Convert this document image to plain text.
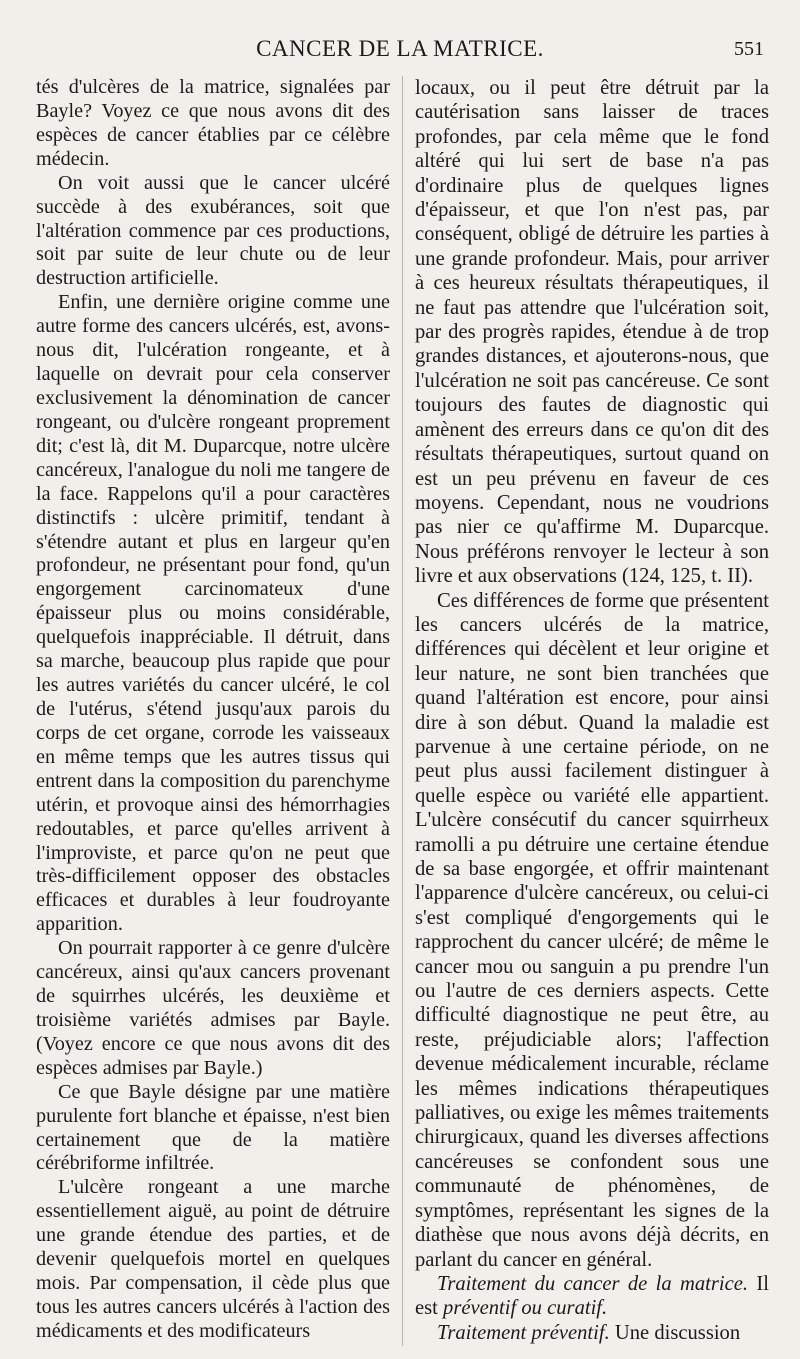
CANCER DE LA MATRICE.	551

tés d'ulcères de la matrice, signalées par Bayle? Voyez ce que nous avons dit des espèces de cancer établies par ce célèbre médecin.

On voit aussi que le cancer ulcéré succède à des exubérances, soit que l'altération commence par ces productions, soit par suite de leur chute ou de leur destruction artificielle.

Enfin, une dernière origine comme une autre forme des cancers ulcérés, est, avons-nous dit, l'ulcération rongeante, et à laquelle on devrait pour cela conserver exclusivement la dénomination de cancer rongeant, ou d'ulcère rongeant proprement dit; c'est là, dit M. Duparcque, notre ulcère cancéreux, l'analogue du noli me tangere de la face. Rappelons qu'il a pour caractères distinctifs : ulcère primitif, tendant à s'étendre autant et plus en largeur qu'en profondeur, ne présentant pour fond, qu'un engorgement carcinomateux d'une épaisseur plus ou moins considérable, quelquefois inappréciable. Il détruit, dans sa marche, beaucoup plus rapide que pour les autres variétés du cancer ulcéré, le col de l'utérus, s'étend jusqu'aux parois du corps de cet organe, corrode les vaisseaux en même temps que les autres tissus qui entrent dans la composition du parenchyme utérin, et provoque ainsi des hémorrhagies redoutables, et parce qu'elles arrivent à l'improviste, et parce qu'on ne peut que très-difficilement opposer des obstacles efficaces et durables à leur foudroyante apparition.

On pourrait rapporter à ce genre d'ulcère cancéreux, ainsi qu'aux cancers provenant de squirrhes ulcérés, les deuxième et troisième variétés admises par Bayle. (Voyez encore ce que nous avons dit des espèces admises par Bayle.)

Ce que Bayle désigne par une matière purulente fort blanche et épaisse, n'est bien certainement que de la matière cérébriforme infiltrée.

L'ulcère rongeant a une marche essentiellement aiguë, au point de détruire une grande étendue des parties, et de devenir quelquefois mortel en quelques mois. Par compensation, il cède plus que tous les autres cancers ulcérés à l'action des médicaments et des modificateurs

locaux, ou il peut être détruit par la cautérisation sans laisser de traces profondes, par cela même que le fond altéré qui lui sert de base n'a pas d'ordinaire plus de quelques lignes d'épaisseur, et que l'on n'est pas, par conséquent, obligé de détruire les parties à une grande profondeur. Mais, pour arriver à ces heureux résultats thérapeutiques, il ne faut pas attendre que l'ulcération soit, par des progrès rapides, étendue à de trop grandes distances, et ajouterons-nous, que l'ulcération ne soit pas cancéreuse. Ce sont toujours des fautes de diagnostic qui amènent des erreurs dans ce qu'on dit des résultats thérapeutiques, surtout quand on est un peu prévenu en faveur de ces moyens. Cependant, nous ne voudrions pas nier ce qu'affirme M. Duparcque. Nous préférons renvoyer le lecteur à son livre et aux observations (124, 125, t. II).

Ces différences de forme que présentent les cancers ulcérés de la matrice, différences qui décèlent et leur origine et leur nature, ne sont bien tranchées que quand l'altération est encore, pour ainsi dire à son début. Quand la maladie est parvenue à une certaine période, on ne peut plus aussi facilement distinguer à quelle espèce ou variété elle appartient. L'ulcère consécutif du cancer squirrheux ramolli a pu détruire une certaine étendue de sa base engorgée, et offrir maintenant l'apparence d'ulcère cancéreux, ou celui-ci s'est compliqué d'engorgements qui le rapprochent du cancer ulcéré; de même le cancer mou ou sanguin a pu prendre l'un ou l'autre de ces derniers aspects. Cette difficulté diagnostique ne peut être, au reste, préjudiciable alors; l'affection devenue médicalement incurable, réclame les mêmes indications thérapeutiques palliatives, ou exige les mêmes traitements chirurgicaux, quand les diverses affections cancéreuses se confondent sous une communauté de phénomènes, de symptômes, représentant les signes de la diathèse que nous avons déjà décrits, en parlant du cancer en général.

Traitement du cancer de la matrice. Il est préventif ou curatif.

Traitement préventif. Une discussion
